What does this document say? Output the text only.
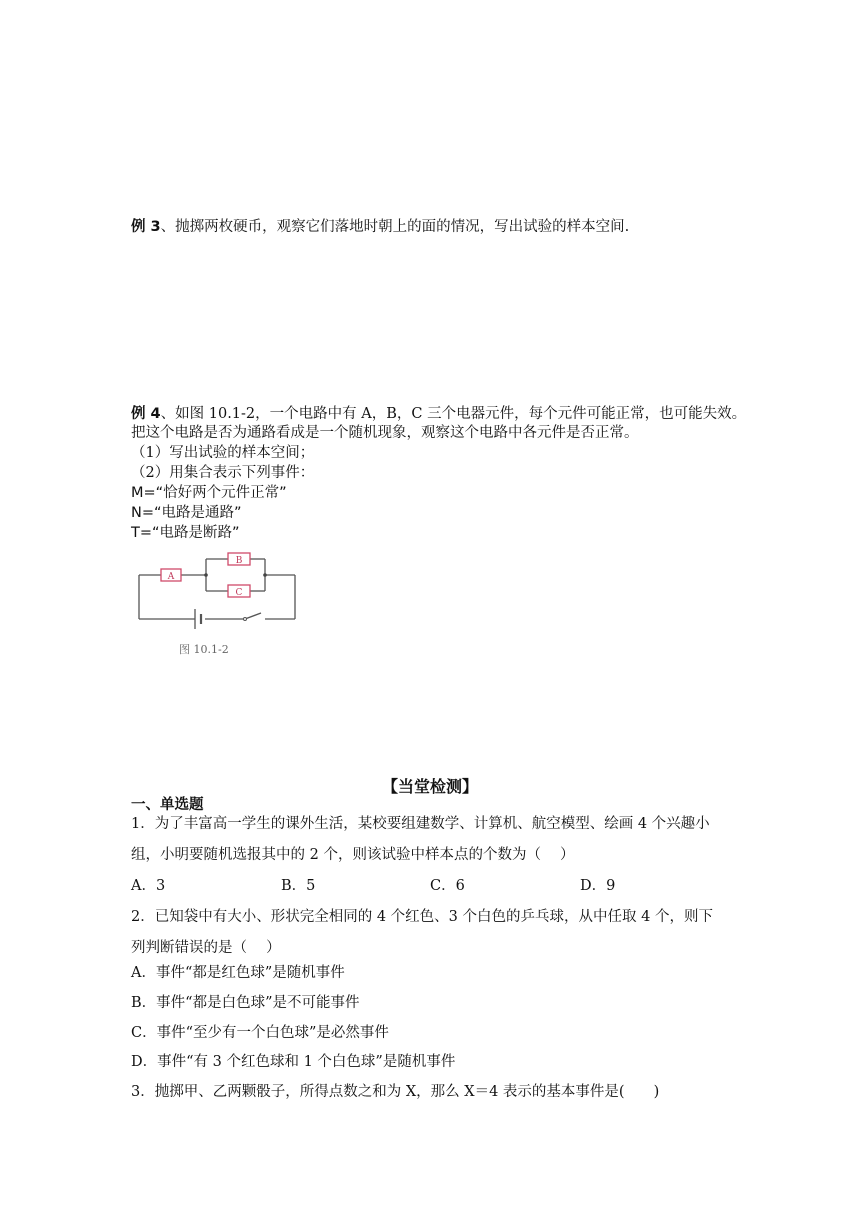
例 3、抛掷两枚硬币，观察它们落地时朝上的面的情况，写出试验的样本空间.
例 4、如图 10.1-2，一个电路中有 A，B，C 三个电器元件，每个元件可能正常，也可能失效。
把这个电路是否为通路看成是一个随机现象，观察这个电路中各元件是否正常。
（1）写出试验的样本空间；
（2）用集合表示下列事件：
M=“恰好两个元件正常”
N=“电路是通路”
T=“电路是断路”
A
B
C
图 10.1-2
【当堂检测】
一、单选题
1．为了丰富高一学生的课外生活，某校要组建数学、计算机、航空模型、绘画 4 个兴趣小
组，小明要随机选报其中的 2 个，则该试验中样本点的个数为（　 ）
A．3	B．5	C．6	D．9
2．已知袋中有大小、形状完全相同的 4 个红色、3 个白色的乒乓球，从中任取 4 个，则下
列判断错误的是（　 ）
A．事件“都是红色球”是随机事件
B．事件“都是白色球”是不可能事件
C．事件“至少有一个白色球”是必然事件
D．事件“有 3 个红色球和 1 个白色球”是随机事件
3．抛掷甲、乙两颗骰子，所得点数之和为 X，那么 X＝4 表示的基本事件是(　　)
